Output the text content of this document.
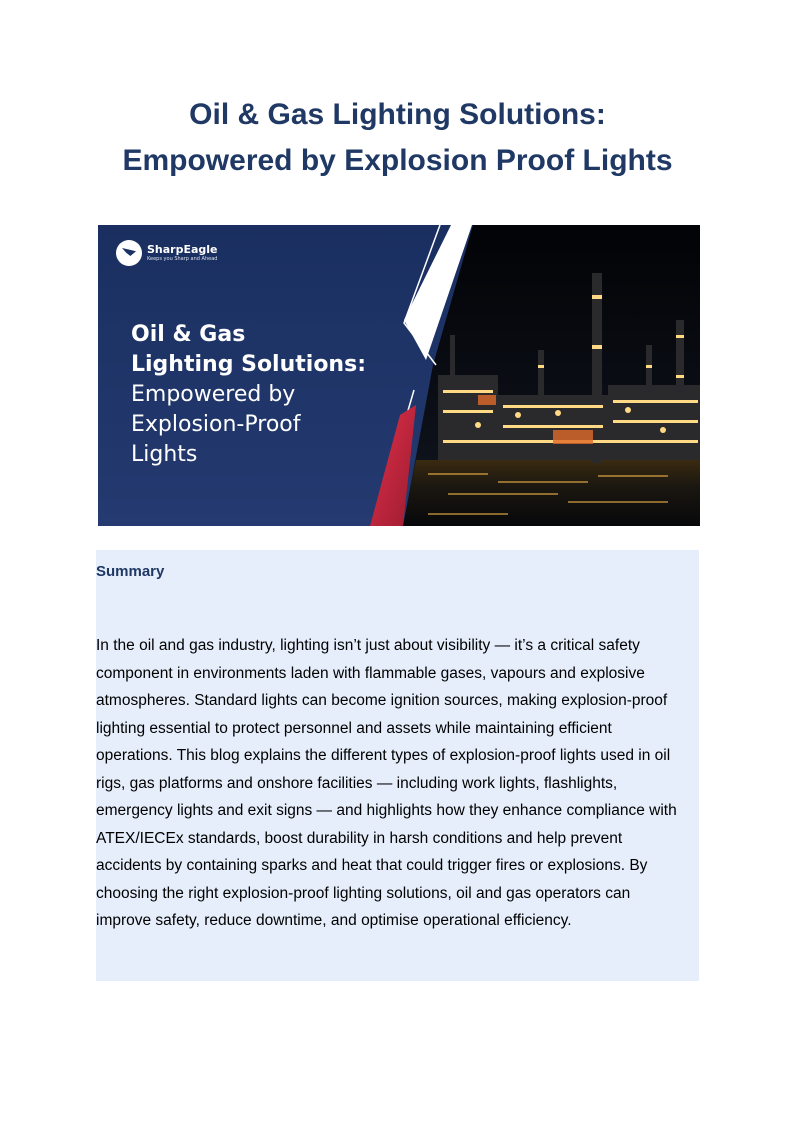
Oil & Gas Lighting Solutions:
Empowered by Explosion Proof Lights
SharpEagle
Keeps you Sharp and Ahead
Oil & Gas
Lighting Solutions:
Empowered by
Explosion-Proof
Lights

Summary

In the oil and gas industry, lighting isn’t just about visibility — it’s a critical safety
component in environments laden with flammable gases, vapours and explosive
atmospheres. Standard lights can become ignition sources, making explosion-proof
lighting essential to protect personnel and assets while maintaining efficient
operations. This blog explains the different types of explosion-proof lights used in oil
rigs, gas platforms and onshore facilities — including work lights, flashlights,
emergency lights and exit signs — and highlights how they enhance compliance with
ATEX/IECEx standards, boost durability in harsh conditions and help prevent
accidents by containing sparks and heat that could trigger fires or explosions. By
choosing the right explosion-proof lighting solutions, oil and gas operators can
improve safety, reduce downtime, and optimise operational efficiency.
